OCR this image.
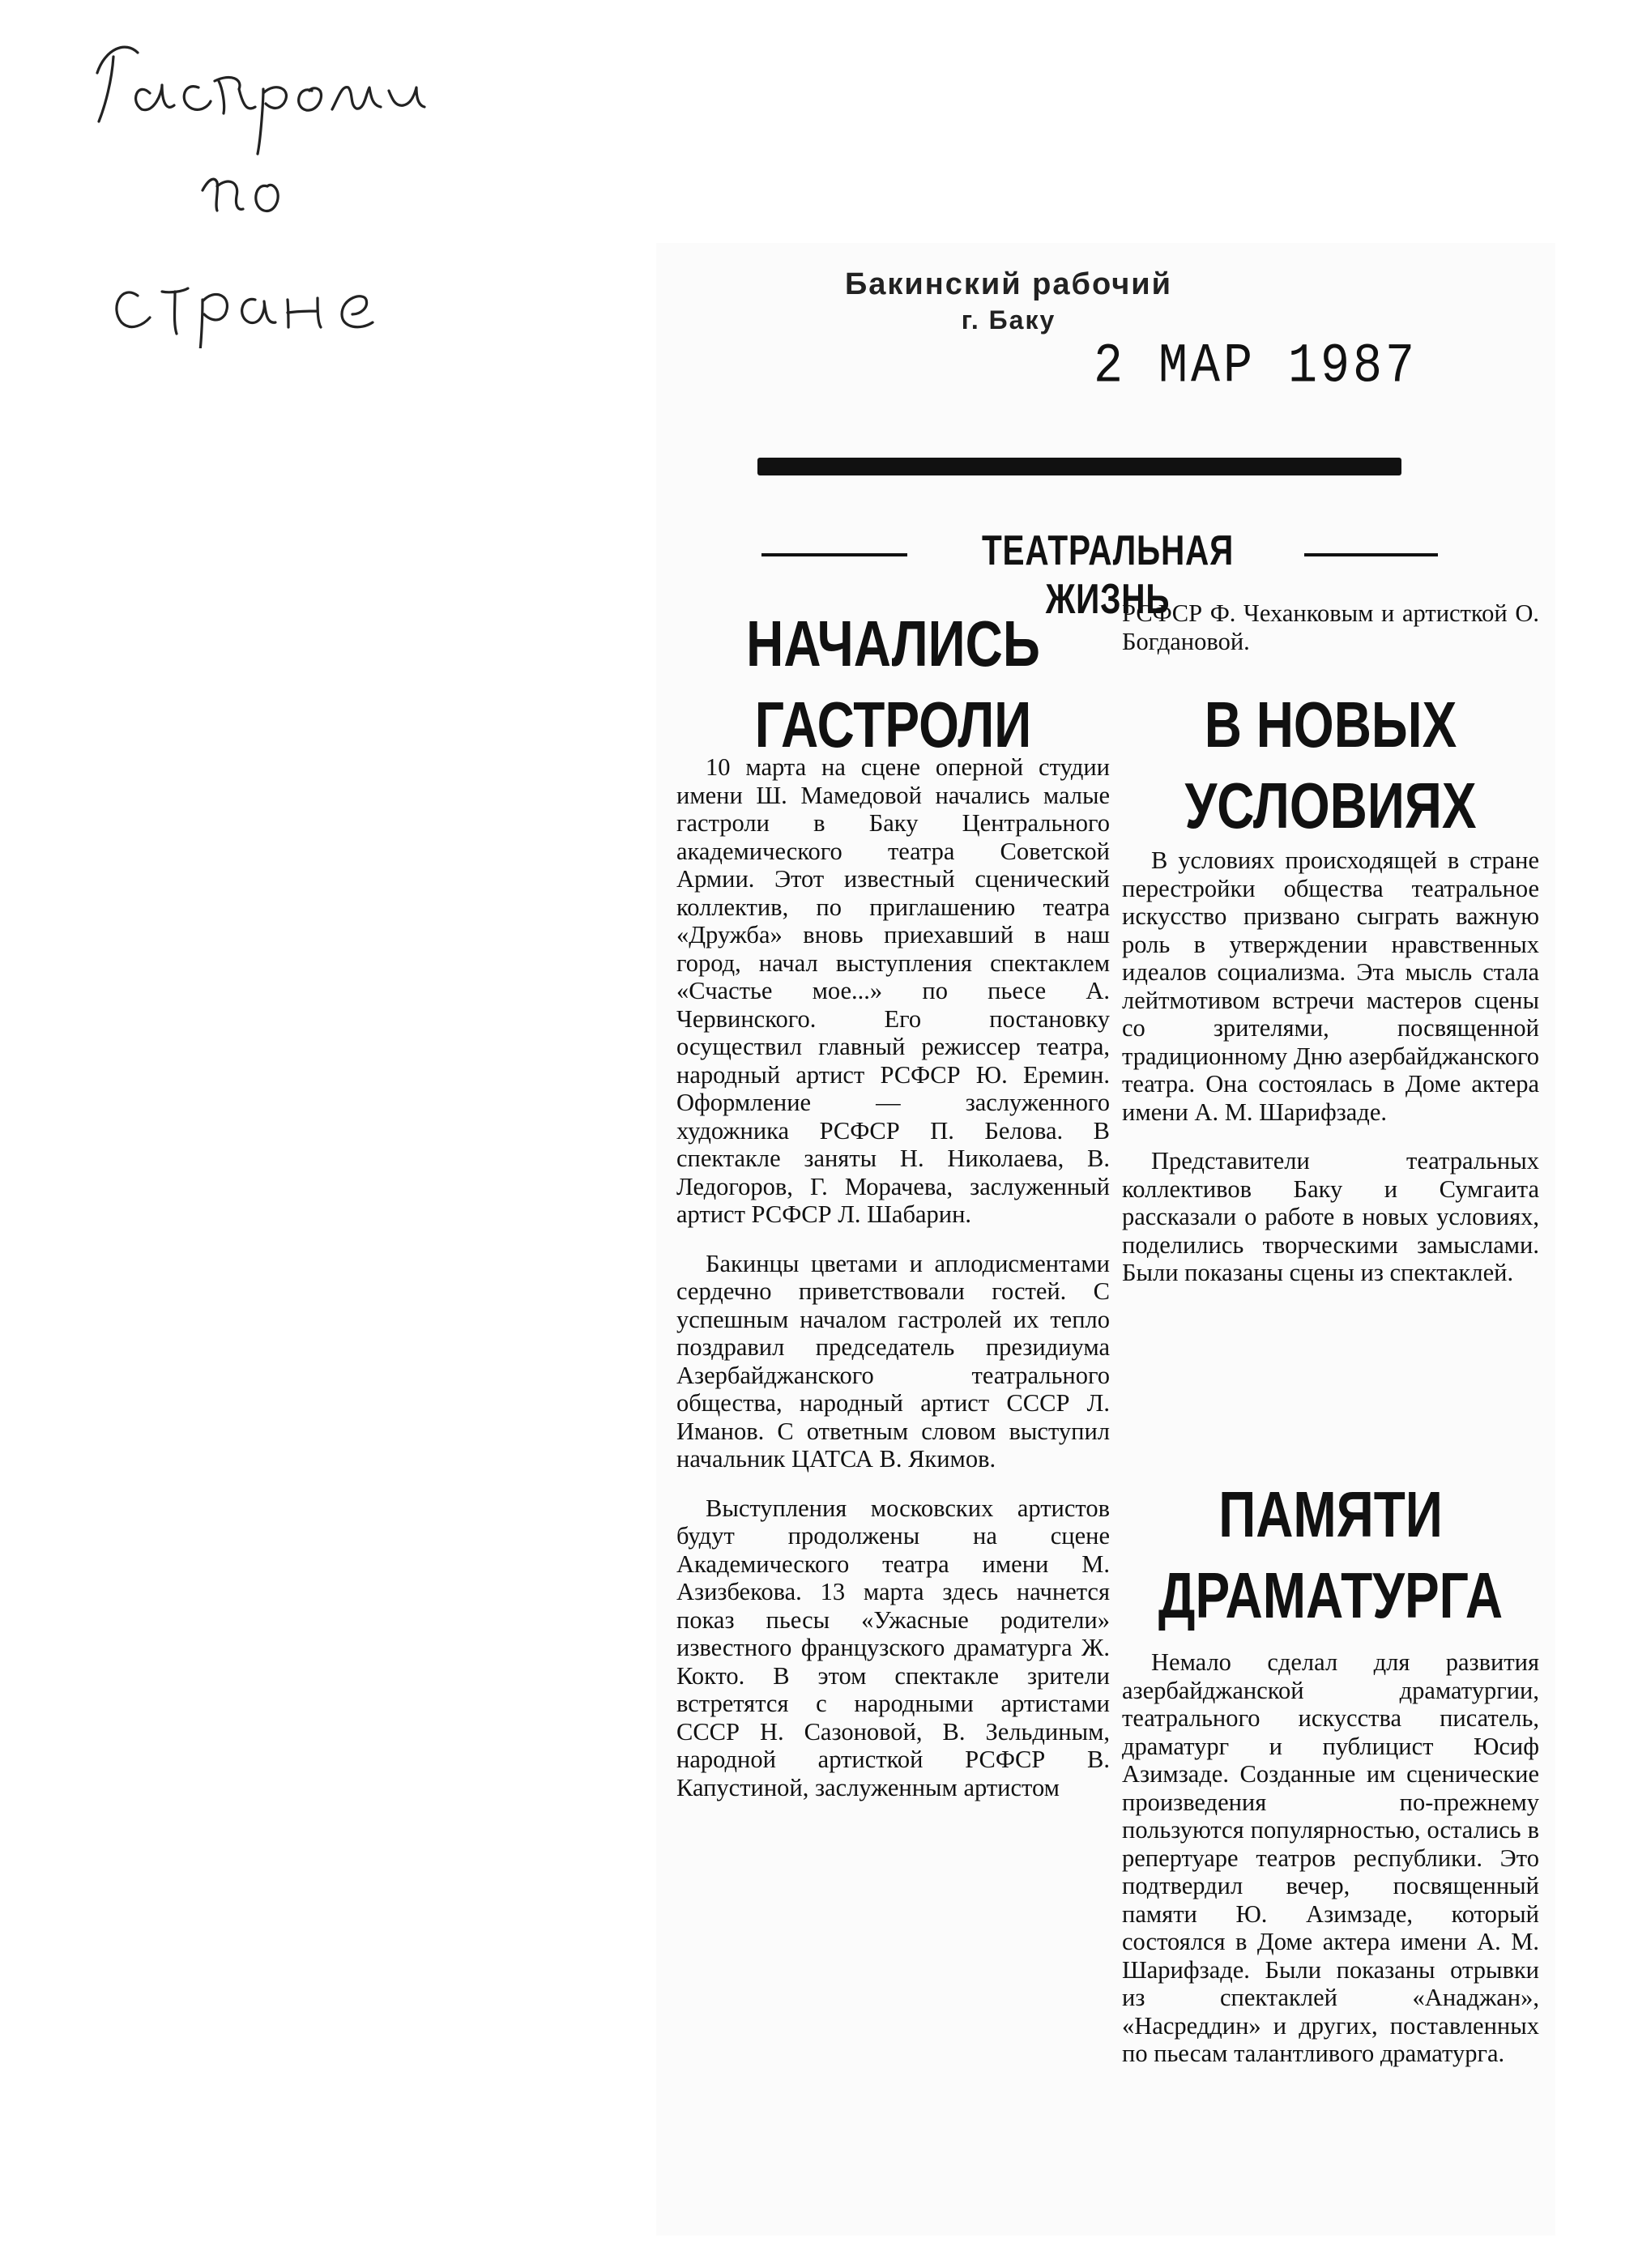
Бакинский рабочий
г. Баку
2 МАР 1987
ТЕАТРАЛЬНАЯ ЖИЗНЬ
НАЧАЛИСЬ ГАСТРОЛИ

10 марта на сцене оперной студии имени Ш. Мамедовой начались малые гастроли в Баку Центрального академического театра Советской Армии. Этот известный сценический коллектив, по приглашению театра «Дружба» вновь приехавший в наш город, начал выступления спектаклем «Счастье мое...» по пьесе А. Червинского. Его постановку осуществил главный режиссер театра, народный артист РСФСР Ю. Еремин. Оформление — заслуженного художника РСФСР П. Белова. В спектакле заняты Н. Николаева, В. Ледогоров, Г. Морачева, заслуженный артист РСФСР Л. Шабарин.

Бакинцы цветами и аплодисментами сердечно приветствовали гостей. С успешным началом гастролей их тепло поздравил председатель президиума Азербайджанского театрального общества, народный артист СССР Л. Иманов. С ответным словом выступил начальник ЦАТСА В. Якимов.

Выступления московских артистов будут продолжены на сцене Академического театра имени М. Азизбекова. 13 марта здесь начнется показ пьесы «Ужасные родители» известного французского драматурга Ж. Кокто. В этом спектакле зрители встретятся с народными артистами СССР Н. Сазоновой, В. Зельдиным, народной артисткой РСФСР В. Капустиной, заслуженным артистом

РСФСР Ф. Чеханковым и артисткой О. Богдановой.
В НОВЫХ УСЛОВИЯХ

В условиях происходящей в стране перестройки общества театральное искусство призвано сыграть важную роль в утверждении нравственных идеалов социализма. Эта мысль стала лейтмотивом встречи мастеров сцены со зрителями, посвященной традиционному Дню азербайджанского театра. Она состоялась в Доме актера имени А. М. Шарифзаде.

Представители театральных коллективов Баку и Сумгаита рассказали о работе в новых условиях, поделились творческими замыслами. Были показаны сцены из спектаклей.

ПАМЯТИ ДРАМАТУРГА

Немало сделал для развития азербайджанской драматургии, театрального искусства писатель, драматург и публицист Юсиф Азимзаде. Созданные им сценические произведения по-прежнему пользуются популярностью, остались в репертуаре театров республики. Это подтвердил вечер, посвященный памяти Ю. Азимзаде, который состоялся в Доме актера имени А. М. Шарифзаде. Были показаны отрывки из спектаклей «Анаджан», «Насреддин» и других, поставленных по пьесам талантливого драматурга.
